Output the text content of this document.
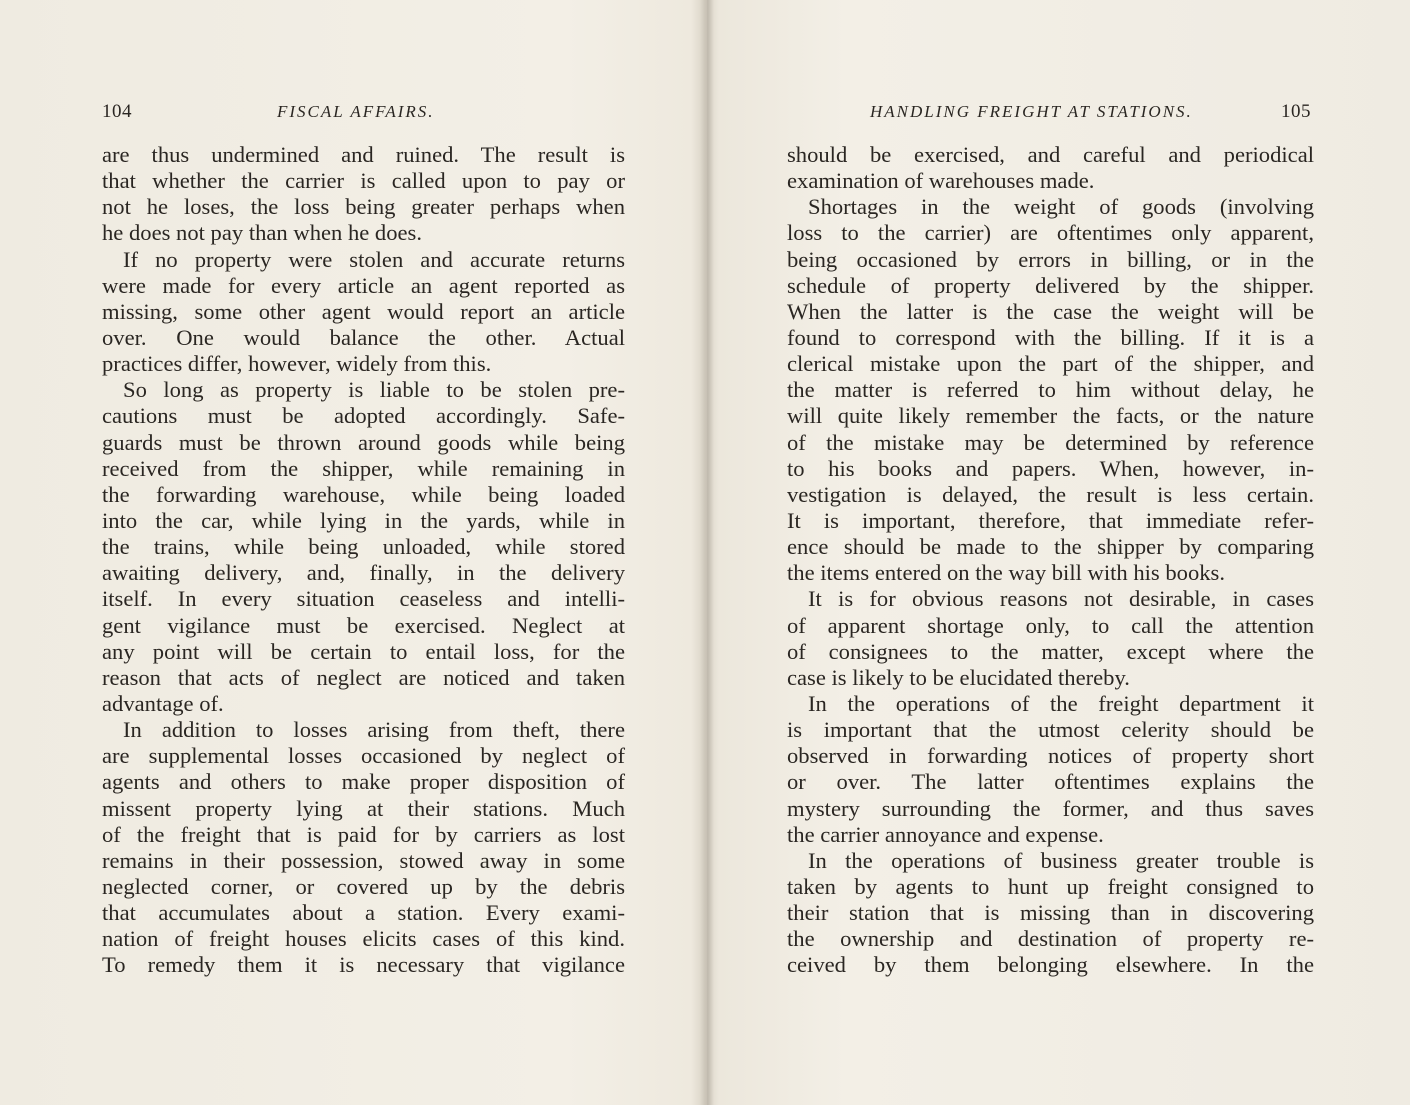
104	FISCAL AFFAIRS.
are thus undermined and ruined. The result is
that whether the carrier is called upon to pay or
not he loses, the loss being greater perhaps when
he does not pay than when he does.
If no property were stolen and accurate returns
were made for every article an agent reported as
missing, some other agent would report an article
over. One would balance the other. Actual
practices differ, however, widely from this.
So long as property is liable to be stolen pre-
cautions must be adopted accordingly. Safe-
guards must be thrown around goods while being
received from the shipper, while remaining in
the forwarding warehouse, while being loaded
into the car, while lying in the yards, while in
the trains, while being unloaded, while stored
awaiting delivery, and, finally, in the delivery
itself. In every situation ceaseless and intelli-
gent vigilance must be exercised. Neglect at
any point will be certain to entail loss, for the
reason that acts of neglect are noticed and taken
advantage of.
In addition to losses arising from theft, there
are supplemental losses occasioned by neglect of
agents and others to make proper disposition of
missent property lying at their stations. Much
of the freight that is paid for by carriers as lost
remains in their possession, stowed away in some
neglected corner, or covered up by the debris
that accumulates about a station. Every exami-
nation of freight houses elicits cases of this kind.
To remedy them it is necessary that vigilance
HANDLING FREIGHT AT STATIONS.	105
should be exercised, and careful and periodical
examination of warehouses made.
Shortages in the weight of goods (involving
loss to the carrier) are oftentimes only apparent,
being occasioned by errors in billing, or in the
schedule of property delivered by the shipper.
When the latter is the case the weight will be
found to correspond with the billing. If it is a
clerical mistake upon the part of the shipper, and
the matter is referred to him without delay, he
will quite likely remember the facts, or the nature
of the mistake may be determined by reference
to his books and papers. When, however, in-
vestigation is delayed, the result is less certain.
It is important, therefore, that immediate refer-
ence should be made to the shipper by comparing
the items entered on the way bill with his books.
It is for obvious reasons not desirable, in cases
of apparent shortage only, to call the attention
of consignees to the matter, except where the
case is likely to be elucidated thereby.
In the operations of the freight department it
is important that the utmost celerity should be
observed in forwarding notices of property short
or over. The latter oftentimes explains the
mystery surrounding the former, and thus saves
the carrier annoyance and expense.
In the operations of business greater trouble is
taken by agents to hunt up freight consigned to
their station that is missing than in discovering
the ownership and destination of property re-
ceived by them belonging elsewhere. In the
